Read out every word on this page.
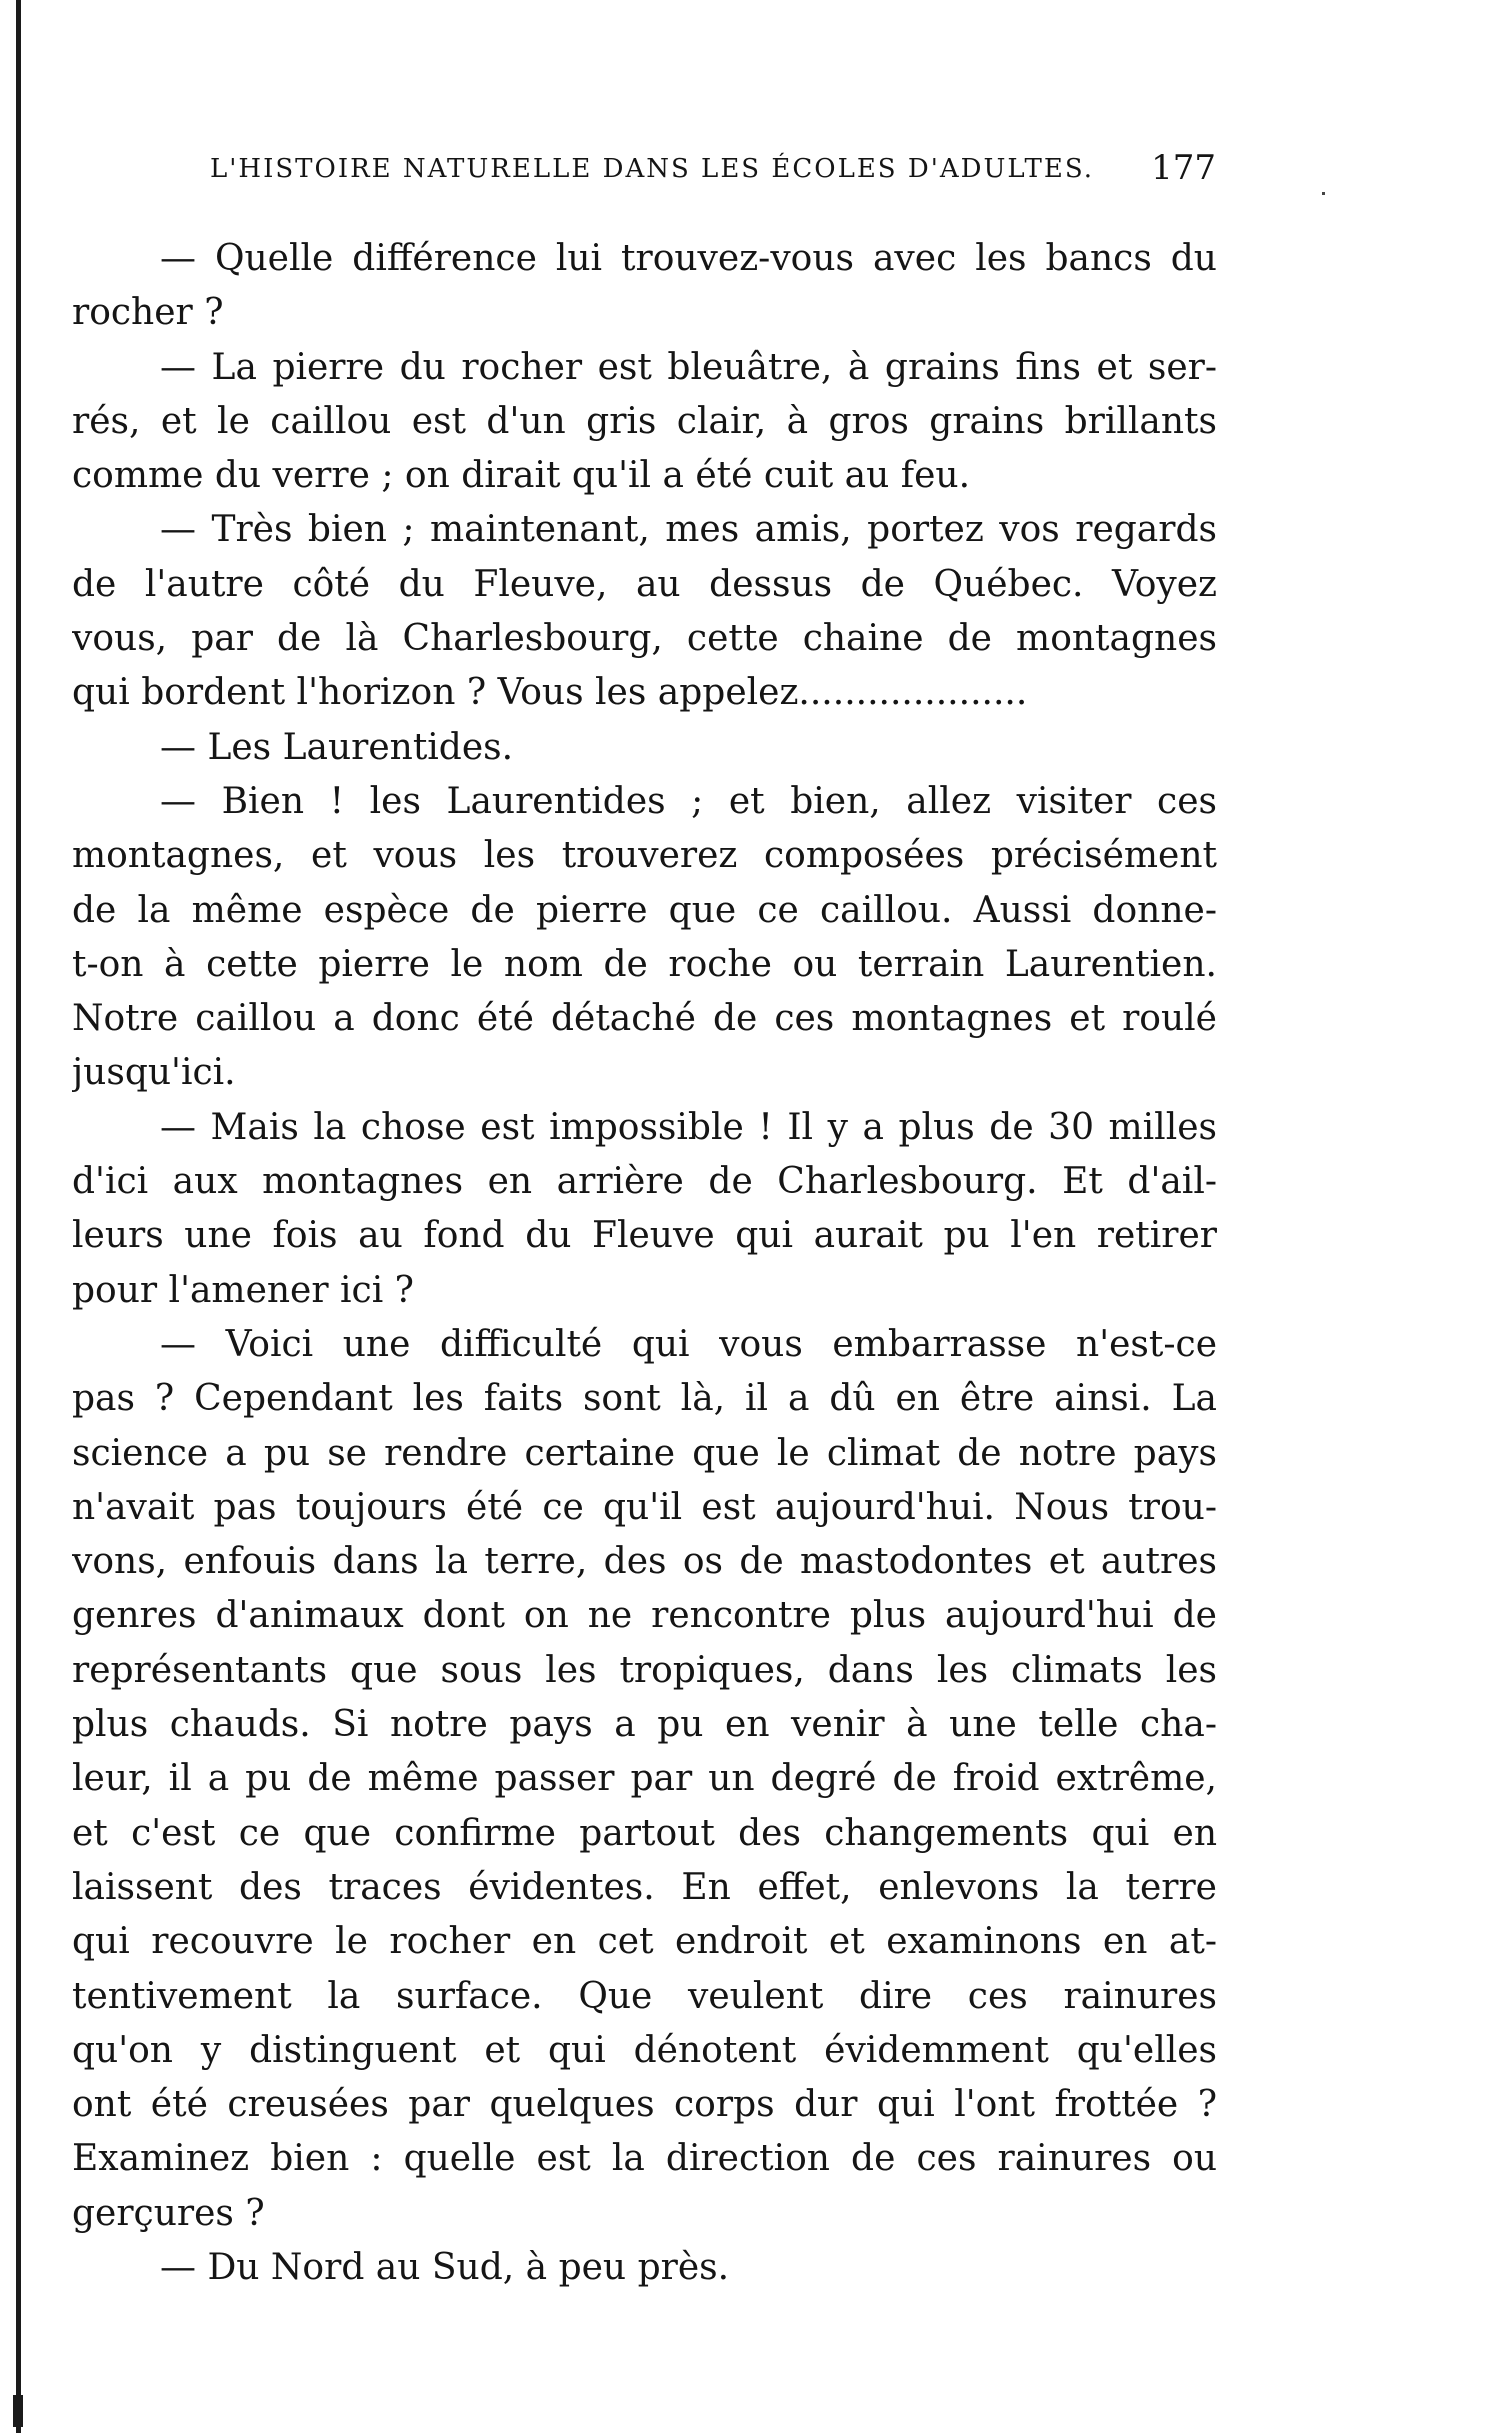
L'HISTOIRE NATURELLE DANS LES ÉCOLES D'ADULTES. 177
— Quelle différence lui trouvez-vous avec les bancs du
rocher ?
— La pierre du rocher est bleuâtre, à grains fins et ser-
rés, et le caillou est d'un gris clair, à gros grains brillants
comme du verre ; on dirait qu'il a été cuit au feu.
— Très bien ; maintenant, mes amis, portez vos regards
de l'autre côté du Fleuve, au dessus de Québec. Voyez
vous, par de là Charlesbourg, cette chaine de montagnes
qui bordent l'horizon ? Vous les appelez....................
— Les Laurentides.
— Bien ! les Laurentides ; et bien, allez visiter ces
montagnes, et vous les trouverez composées précisément
de la même espèce de pierre que ce caillou. Aussi donne-
t-on à cette pierre le nom de roche ou terrain Laurentien.
Notre caillou a donc été détaché de ces montagnes et roulé
jusqu'ici.
— Mais la chose est impossible ! Il y a plus de 30 milles
d'ici aux montagnes en arrière de Charlesbourg. Et d'ail-
leurs une fois au fond du Fleuve qui aurait pu l'en retirer
pour l'amener ici ?
— Voici une difficulté qui vous embarrasse n'est-ce
pas ? Cependant les faits sont là, il a dû en être ainsi. La
science a pu se rendre certaine que le climat de notre pays
n'avait pas toujours été ce qu'il est aujourd'hui. Nous trou-
vons, enfouis dans la terre, des os de mastodontes et autres
genres d'animaux dont on ne rencontre plus aujourd'hui de
représentants que sous les tropiques, dans les climats les
plus chauds. Si notre pays a pu en venir à une telle cha-
leur, il a pu de même passer par un degré de froid extrême,
et c'est ce que confirme partout des changements qui en
laissent des traces évidentes. En effet, enlevons la terre
qui recouvre le rocher en cet endroit et examinons en at-
tentivement la surface. Que veulent dire ces rainures
qu'on y distinguent et qui dénotent évidemment qu'elles
ont été creusées par quelques corps dur qui l'ont frottée ?
Examinez bien : quelle est la direction de ces rainures ou
gerçures ?
— Du Nord au Sud, à peu près.
